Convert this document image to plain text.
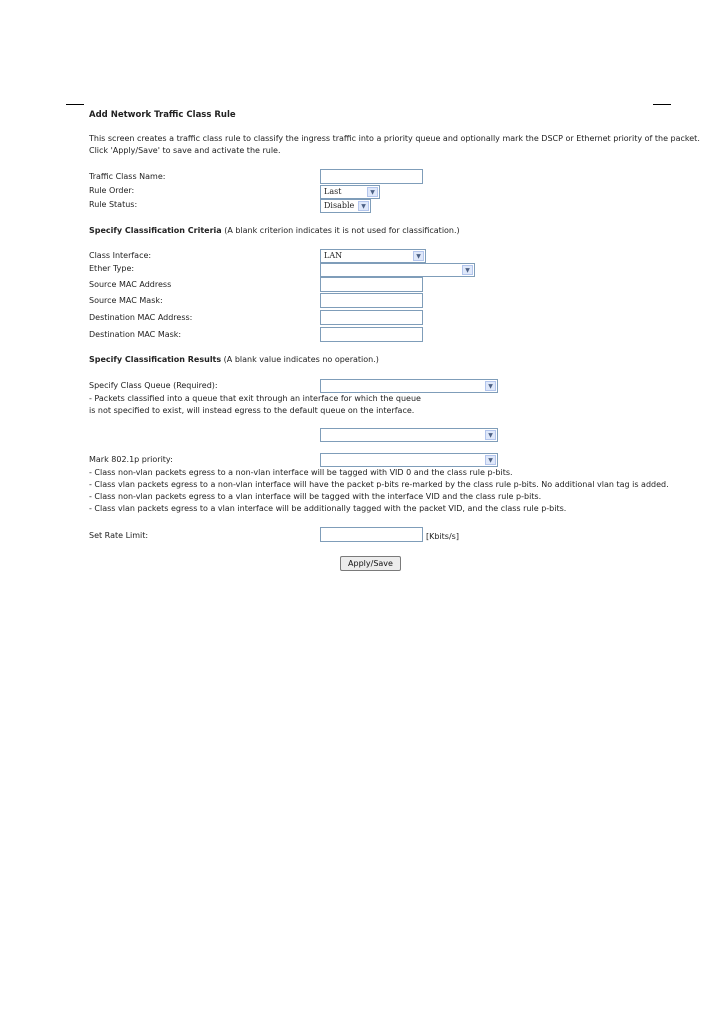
Add Network Traffic Class Rule
This screen creates a traffic class rule to classify the ingress traffic into a priority queue and optionally mark the DSCP or Ethernet priority of the packet.
Click 'Apply/Save' to save and activate the rule.
Traffic Class Name:
Rule Order:	Last	▼
Rule Status:	Disable	▼
Specify Classification Criteria (A blank criterion indicates it is not used for classification.)
Class Interface:	LAN	▼
Ether Type:	▼
Source MAC Address
Source MAC Mask:
Destination MAC Address:
Destination MAC Mask:
Specify Classification Results (A blank value indicates no operation.)
Specify Class Queue (Required):	▼
- Packets classified into a queue that exit through an interface for which the queue
is not specified to exist, will instead egress to the default queue on the interface.
▼
Mark 802.1p priority:	▼
- Class non-vlan packets egress to a non-vlan interface will be tagged with VID 0 and the class rule p-bits.
- Class vlan packets egress to a non-vlan interface will have the packet p-bits re-marked by the class rule p-bits. No additional vlan tag is added.
- Class non-vlan packets egress to a vlan interface will be tagged with the interface VID and the class rule p-bits.
- Class vlan packets egress to a vlan interface will be additionally tagged with the packet VID, and the class rule p-bits.
Set Rate Limit:	[Kbits/s]
Apply/Save
